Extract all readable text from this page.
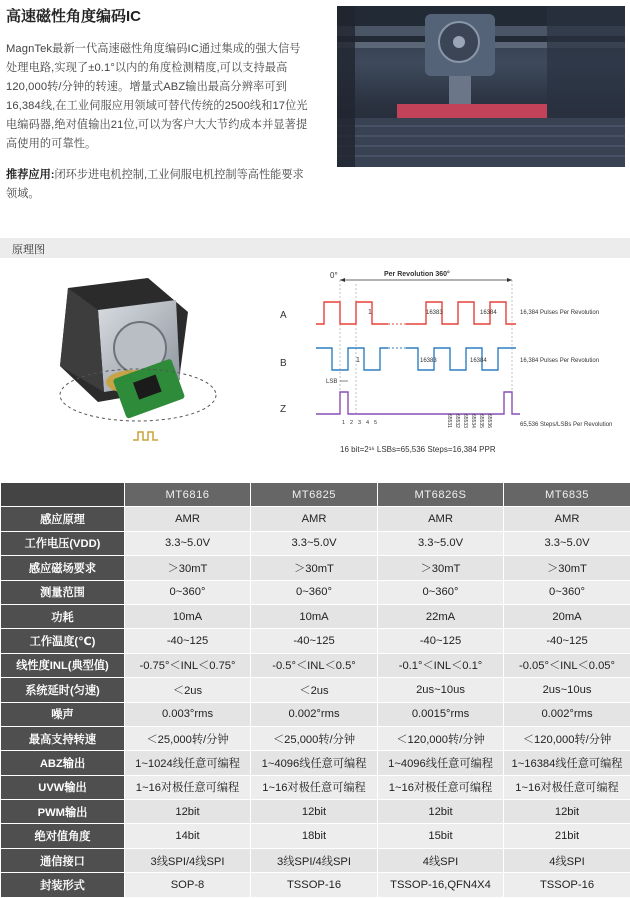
高速磁性角度编码IC
MagnTek最新一代高速磁性角度编码IC通过集成的强大信号处理电路,实现了±0.1°以内的角度检测精度,可以支持最高120,000转/分钟的转速。增量式ABZ输出最高分辨率可到16,384线,在工业伺服应用领域可替代传统的2500线和17位光电编码器,绝对值输出21位,可以为客户大大节约成本并显著提高使用的可靠性。
推荐应用:闭环步进电机控制,工业伺服电机控制等高性能要求领域。
原理图
0°	Per Revolution 360°
A	1	16383	16384	16,384 Pulses Per Revolution
B	1	16383	16384	16,384 Pulses Per Revolution
LSB
Z
1 2 3 4 5	65531 65532 65533 65534 65535 65536	65,536 Steps/LSBs Per Revolution
16 bit=2¹⁶ LSBs=65,536 Steps=16,384 PPR
	MT6816	MT6825	MT6826S	MT6835
感应原理	AMR	AMR	AMR	AMR
工作电压(VDD)	3.3~5.0V	3.3~5.0V	3.3~5.0V	3.3~5.0V
感应磁场要求	＞30mT	＞30mT	＞30mT	＞30mT
测量范围	0~360°	0~360°	0~360°	0~360°
功耗	10mA	10mA	22mA	20mA
工作温度(℃)	-40~125	-40~125	-40~125	-40~125
线性度INL(典型值)	-0.75°＜INL＜0.75°	-0.5°＜INL＜0.5°	-0.1°＜INL＜0.1°	-0.05°＜INL＜0.05°
系统延时(匀速)	＜2us	＜2us	2us~10us	2us~10us
噪声	0.003°rms	0.002°rms	0.0015°rms	0.002°rms
最高支持转速	＜25,000转/分钟	＜25,000转/分钟	＜120,000转/分钟	＜120,000转/分钟
ABZ输出	1~1024线任意可编程	1~4096线任意可编程	1~4096线任意可编程	1~16384线任意可编程
UVW输出	1~16对极任意可编程	1~16对极任意可编程	1~16对极任意可编程	1~16对极任意可编程
PWM输出	12bit	12bit	12bit	12bit
绝对值角度	14bit	18bit	15bit	21bit
通信接口	3线SPI/4线SPI	3线SPI/4线SPI	4线SPI	4线SPI
封装形式	SOP-8	TSSOP-16	TSSOP-16,QFN4X4	TSSOP-16
